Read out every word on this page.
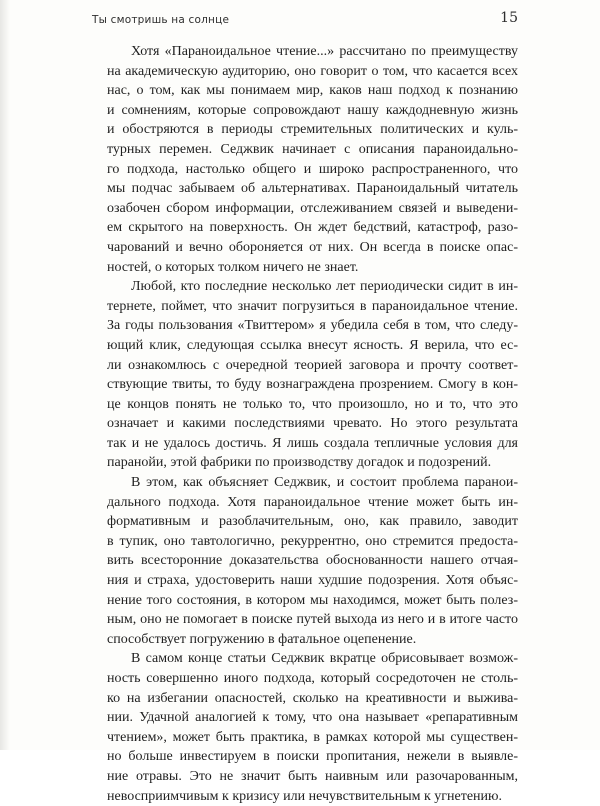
Ты смотришь на солнце	15
Хотя «Параноидальное чтение...» рассчитано по преимуществу
на академическую аудиторию, оно говорит о том, что касается всех
нас, о том, как мы понимаем мир, каков наш подход к познанию
и сомнениям, которые сопровождают нашу каждодневную жизнь
и обостряются в периоды стремительных политических и куль-
турных перемен. Седжвик начинает с описания параноидально-
го подхода, настолько общего и широко распространенного, что
мы подчас забываем об альтернативах. Параноидальный читатель
озабочен сбором информации, отслеживанием связей и выведени-
ем скрытого на поверхность. Он ждет бедствий, катастроф, разо-
чарований и вечно обороняется от них. Он всегда в поиске опас-
ностей, о которых толком ничего не знает.
Любой, кто последние несколько лет периодически сидит в ин-
тернете, поймет, что значит погрузиться в параноидальное чтение.
За годы пользования «Твиттером» я убедила себя в том, что следу-
ющий клик, следующая ссылка внесут ясность. Я верила, что ес-
ли ознакомлюсь с очередной теорией заговора и прочту соответ-
ствующие твиты, то буду вознаграждена прозрением. Смогу в кон-
це концов понять не только то, что произошло, но и то, что это
означает и какими последствиями чревато. Но этого результата
так и не удалось достичь. Я лишь создала тепличные условия для
паранойи, этой фабрики по производству догадок и подозрений.
В этом, как объясняет Седжвик, и состоит проблема паранои-
дального подхода. Хотя параноидальное чтение может быть ин-
формативным и разоблачительным, оно, как правило, заводит
в тупик, оно тавтологично, рекуррентно, оно стремится предоста-
вить всесторонние доказательства обоснованности нашего отчая-
ния и страха, удостоверить наши худшие подозрения. Хотя объяс-
нение того состояния, в котором мы находимся, может быть полез-
ным, оно не помогает в поиске путей выхода из него и в итоге часто
способствует погружению в фатальное оцепенение.
В самом конце статьи Седжвик вкратце обрисовывает возмож-
ность совершенно иного подхода, который сосредоточен не столь-
ко на избегании опасностей, сколько на креативности и выжива-
нии. Удачной аналогией к тому, что она называет «репаративным
чтением», может быть практика, в рамках которой мы существен-
но больше инвестируем в поиски пропитания, нежели в выявле-
ние отравы. Это не значит быть наивным или разочарованным,
невосприимчивым к кризису или нечувствительным к угнетению.
